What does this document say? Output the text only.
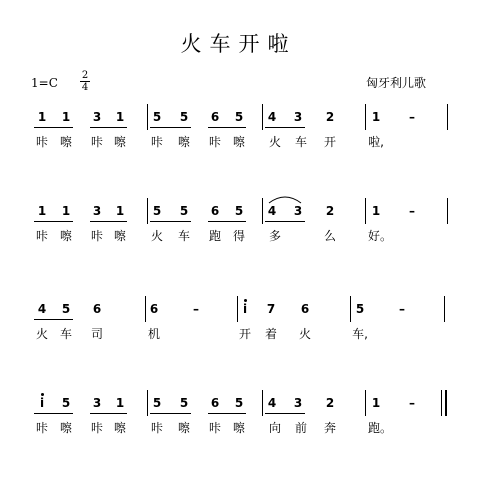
火车开啦
1=C
2
4	匈牙利儿歌
1 1 3 1 5 5 6 5 4 3 2	1	–
咔 嚓 咔 嚓 咔 嚓 咔 嚓 火 车 开	啦,
1 1 3 1 5 5 6 5 4 3 2	1	–
咔 嚓 咔 嚓 火 车 跑 得 多	么	好。
4 5 6	6	–	i	7 6	5	–
火 车 司	机	开 着 火	车,
i	5 3 1 5 5 6 5 4 3 2	1	–
咔 嚓 咔 嚓 咔 嚓 咔 嚓 向 前 奔	跑。
